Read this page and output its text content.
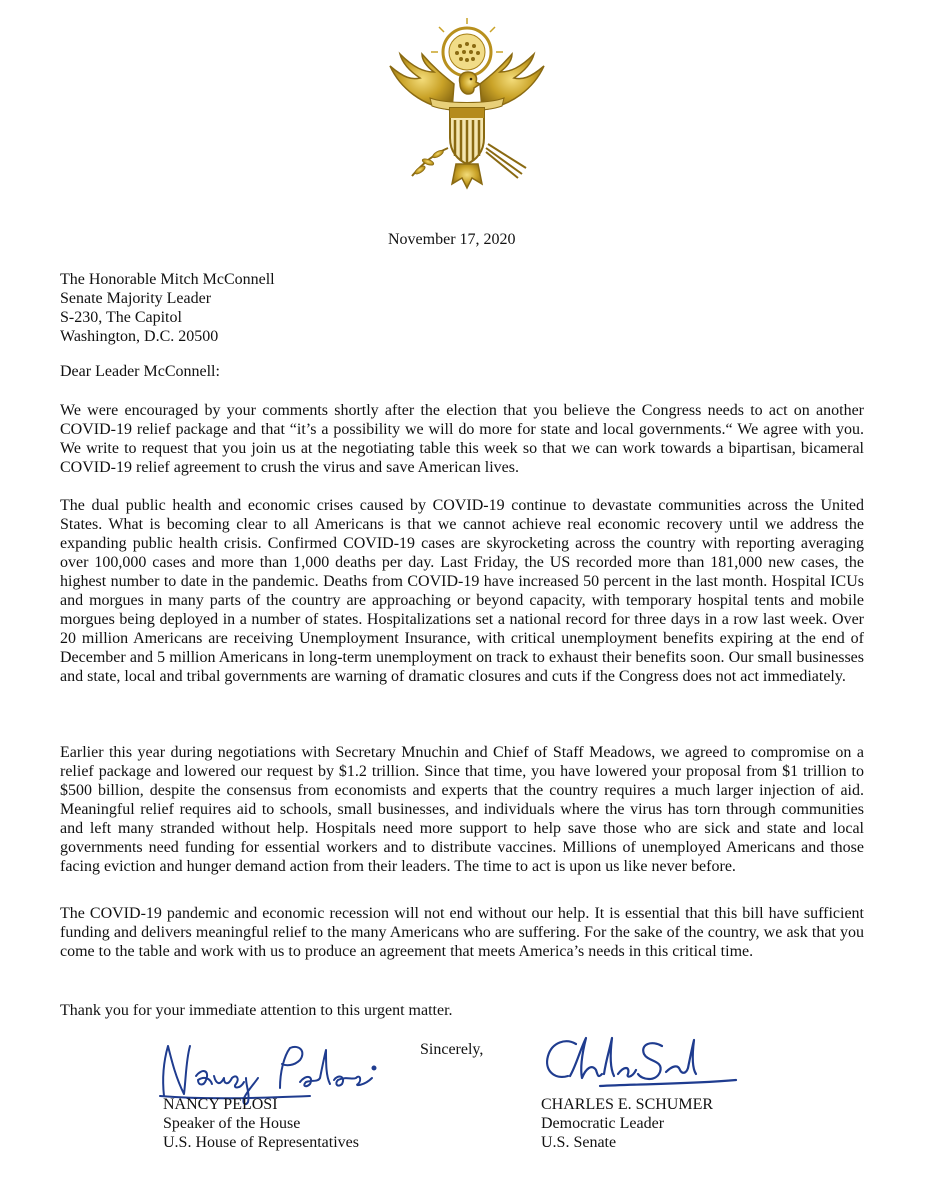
November 17, 2020
The Honorable Mitch McConnell
Senate Majority Leader
S-230, The Capitol
Washington, D.C. 20500
Dear Leader McConnell:

We were encouraged by your comments shortly after the election that you believe the Congress needs to act on another COVID-19 relief package and that “it’s a possibility we will do more for state and local governments.“ We agree with you. We write to request that you join us at the negotiating table this week so that we can work towards a bipartisan, bicameral COVID-19 relief agreement to crush the virus and save American lives.

The dual public health and economic crises caused by COVID-19 continue to devastate communities across the United States. What is becoming clear to all Americans is that we cannot achieve real economic recovery until we address the expanding public health crisis. Confirmed COVID-19 cases are skyrocketing across the country with reporting averaging over 100,000 cases and more than 1,000 deaths per day. Last Friday, the US recorded more than 181,000 new cases, the highest number to date in the pandemic. Deaths from COVID-19 have increased 50 percent in the last month. Hospital ICUs and morgues in many parts of the country are approaching or beyond capacity, with temporary hospital tents and mobile morgues being deployed in a number of states. Hospitalizations set a national record for three days in a row last week. Over 20 million Americans are receiving Unemployment Insurance, with critical unemployment benefits expiring at the end of December and 5 million Americans in long-term unemployment on track to exhaust their benefits soon. Our small businesses and state, local and tribal governments are warning of dramatic closures and cuts if the Congress does not act immediately.

Earlier this year during negotiations with Secretary Mnuchin and Chief of Staff Meadows, we agreed to compromise on a relief package and lowered our request by $1.2 trillion. Since that time, you have lowered your proposal from $1 trillion to $500 billion, despite the consensus from economists and experts that the country requires a much larger injection of aid. Meaningful relief requires aid to schools, small businesses, and individuals where the virus has torn through communities and left many stranded without help. Hospitals need more support to help save those who are sick and state and local governments need funding for essential workers and to distribute vaccines. Millions of unemployed Americans and those facing eviction and hunger demand action from their leaders. The time to act is upon us like never before.

The COVID-19 pandemic and economic recession will not end without our help. It is essential that this bill have sufficient funding and delivers meaningful relief to the many Americans who are suffering. For the sake of the country, we ask that you come to the table and work with us to produce an agreement that meets America’s needs in this critical time.

Thank you for your immediate attention to this urgent matter.
Sincerely,
NANCY PELOSI
Speaker of the House
U.S. House of Representatives
CHARLES E. SCHUMER
Democratic Leader
U.S. Senate
